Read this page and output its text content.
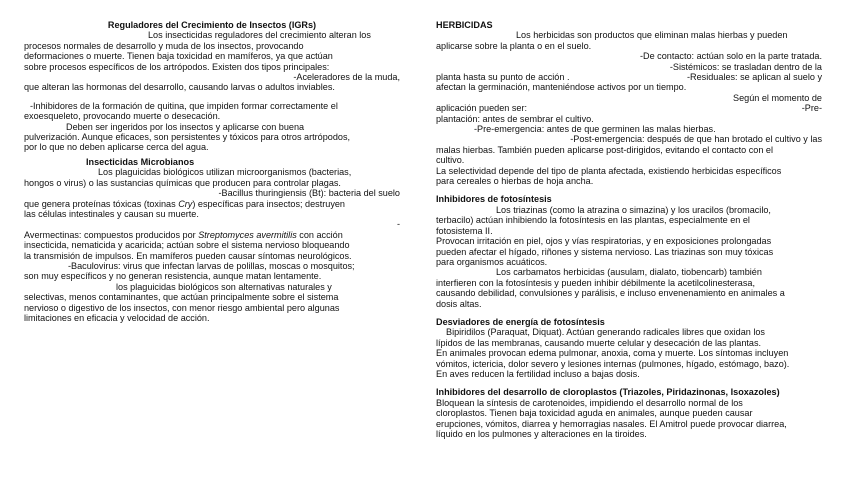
Reguladores del Crecimiento de Insectos (IGRs)
Los insecticidas reguladores del crecimiento alteran los
procesos normales de desarrollo y muda de los insectos, provocando
deformaciones o muerte. Tienen baja toxicidad en mamíferos, ya que actúan
sobre procesos específicos de los artrópodos. Existen dos tipos principales:
-Aceleradores de la muda,
que alteran las hormonas del desarrollo, causando larvas o adultos inviables.
-Inhibidores de la formación de quitina, que impiden formar correctamente el
exoesqueleto, provocando muerte o desecación.
Deben ser ingeridos por los insectos y aplicarse con buena
pulverización. Aunque eficaces, son persistentes y tóxicos para otros artrópodos,
por lo que no deben aplicarse cerca del agua.
Insecticidas Microbianos
Los plaguicidas biológicos utilizan microorganismos (bacterias,
hongos o virus) o las sustancias químicas que producen para controlar plagas.
-Bacillus thuringiensis (Bt): bacteria del suelo
que genera proteínas tóxicas (toxinas Cry) específicas para insectos; destruyen
las células intestinales y causan su muerte.
-
Avermectinas: compuestos producidos por Streptomyces avermitilis con acción
insecticida, nematicida y acaricida; actúan sobre el sistema nervioso bloqueando
la transmisión de impulsos. En mamíferos pueden causar síntomas neurológicos.
-Baculovirus: virus que infectan larvas de polillas, moscas o mosquitos;
son muy específicos y no generan resistencia, aunque matan lentamente.
los plaguicidas biológicos son alternativas naturales y
selectivas, menos contaminantes, que actúan principalmente sobre el sistema
nervioso o digestivo de los insectos, con menor riesgo ambiental pero algunas
limitaciones en eficacia y velocidad de acción.
HERBICIDAS
Los herbicidas son productos que eliminan malas hierbas y pueden
aplicarse sobre la planta o en el suelo.
-De contacto: actúan solo en la parte tratada.
-Sistémicos: se trasladan dentro de la
planta hasta su punto de acción .	-Residuales: se aplican al suelo y
afectan la germinación, manteniéndose activos por un tiempo.
Según el momento de
aplicación pueden ser:	-Pre-
plantación: antes de sembrar el cultivo.
-Pre-emergencia: antes de que germinen las malas hierbas.
-Post-emergencia: después de que han brotado el cultivo y las
malas hierbas. También pueden aplicarse post-dirigidos, evitando el contacto con el
cultivo.
La selectividad depende del tipo de planta afectada, existiendo herbicidas específicos
para cereales o hierbas de hoja ancha.
Inhibidores de fotosíntesis
Los triazinas (como la atrazina o simazina) y los uracilos (bromacilo,
terbacilo) actúan inhibiendo la fotosíntesis en las plantas, especialmente en el
fotosistema II.
Provocan irritación en piel, ojos y vías respiratorias, y en exposiciones prolongadas
pueden afectar el hígado, riñones y sistema nervioso. Las triazinas son muy tóxicas
para organismos acuáticos.
Los carbamatos herbicidas (ausulam, dialato, tiobencarb) también
interfieren con la fotosíntesis y pueden inhibir débilmente la acetilcolinesterasa,
causando debilidad, convulsiones y parálisis, e incluso envenenamiento en animales a
dosis altas.
Desviadores de energía de fotosíntesis
Bipiridilos (Paraquat, Diquat). Actúan generando radicales libres que oxidan los
lípidos de las membranas, causando muerte celular y desecación de las plantas.
En animales provocan edema pulmonar, anoxia, coma y muerte. Los síntomas incluyen
vómitos, ictericia, dolor severo y lesiones internas (pulmones, hígado, estómago, bazo).
En aves reducen la fertilidad incluso a bajas dosis.
Inhibidores del desarrollo de cloroplastos (Triazoles, Piridazinonas, Isoxazoles)
Bloquean la síntesis de carotenoides, impidiendo el desarrollo normal de los
cloroplastos. Tienen baja toxicidad aguda en animales, aunque pueden causar
erupciones, vómitos, diarrea y hemorragias nasales. El Amitrol puede provocar diarrea,
líquido en los pulmones y alteraciones en la tiroides.
